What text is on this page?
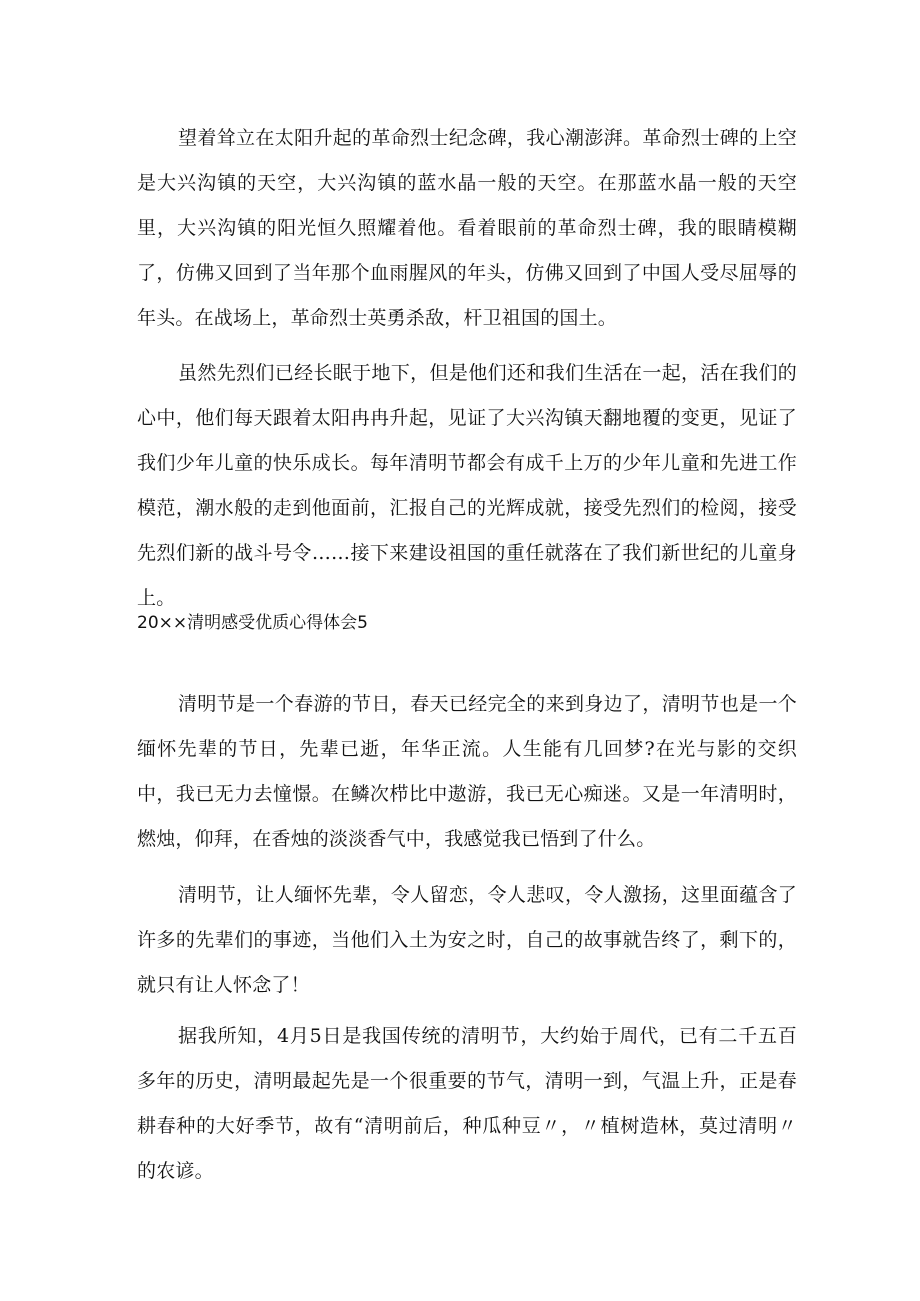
望着耸立在太阳升起的革命烈士纪念碑，我心潮澎湃。革命烈士碑的上空是大兴沟镇的天空，大兴沟镇的蓝水晶一般的天空。在那蓝水晶一般的天空里，大兴沟镇的阳光恒久照耀着他。看着眼前的革命烈士碑，我的眼睛模糊了，仿佛又回到了当年那个血雨腥风的年头，仿佛又回到了中国人受尽屈辱的年头。在战场上，革命烈士英勇杀敌，杆卫祖国的国土。

虽然先烈们已经长眠于地下，但是他们还和我们生活在一起，活在我们的心中，他们每天跟着太阳冉冉升起，见证了大兴沟镇天翻地覆的变更，见证了我们少年儿童的快乐成长。每年清明节都会有成千上万的少年儿童和先进工作模范，潮水般的走到他面前，汇报自己的光辉成就，接受先烈们的检阅，接受先烈们新的战斗号令……接下来建设祖国的重任就落在了我们新世纪的儿童身上。

20××清明感受优质心得体会5

清明节是一个春游的节日，春天已经完全的来到身边了，清明节也是一个缅怀先辈的节日，先辈已逝，年华正流。人生能有几回梦?在光与影的交织中，我已无力去憧憬。在鳞次栉比中遨游，我已无心痴迷。又是一年清明时，燃烛，仰拜，在香烛的淡淡香气中，我感觉我已悟到了什么。

清明节，让人缅怀先辈，令人留恋，令人悲叹，令人激扬，这里面蕴含了许多的先辈们的事迹，当他们入土为安之时，自己的故事就告终了，剩下的，就只有让人怀念了！

据我所知，4月5日是我国传统的清明节，大约始于周代，已有二千五百多年的历史，清明最起先是一个很重要的节气，清明一到，气温上升，正是春耕春种的大好季节，故有“清明前后，种瓜种豆〃，〃植树造林，莫过清明〃的农谚。
